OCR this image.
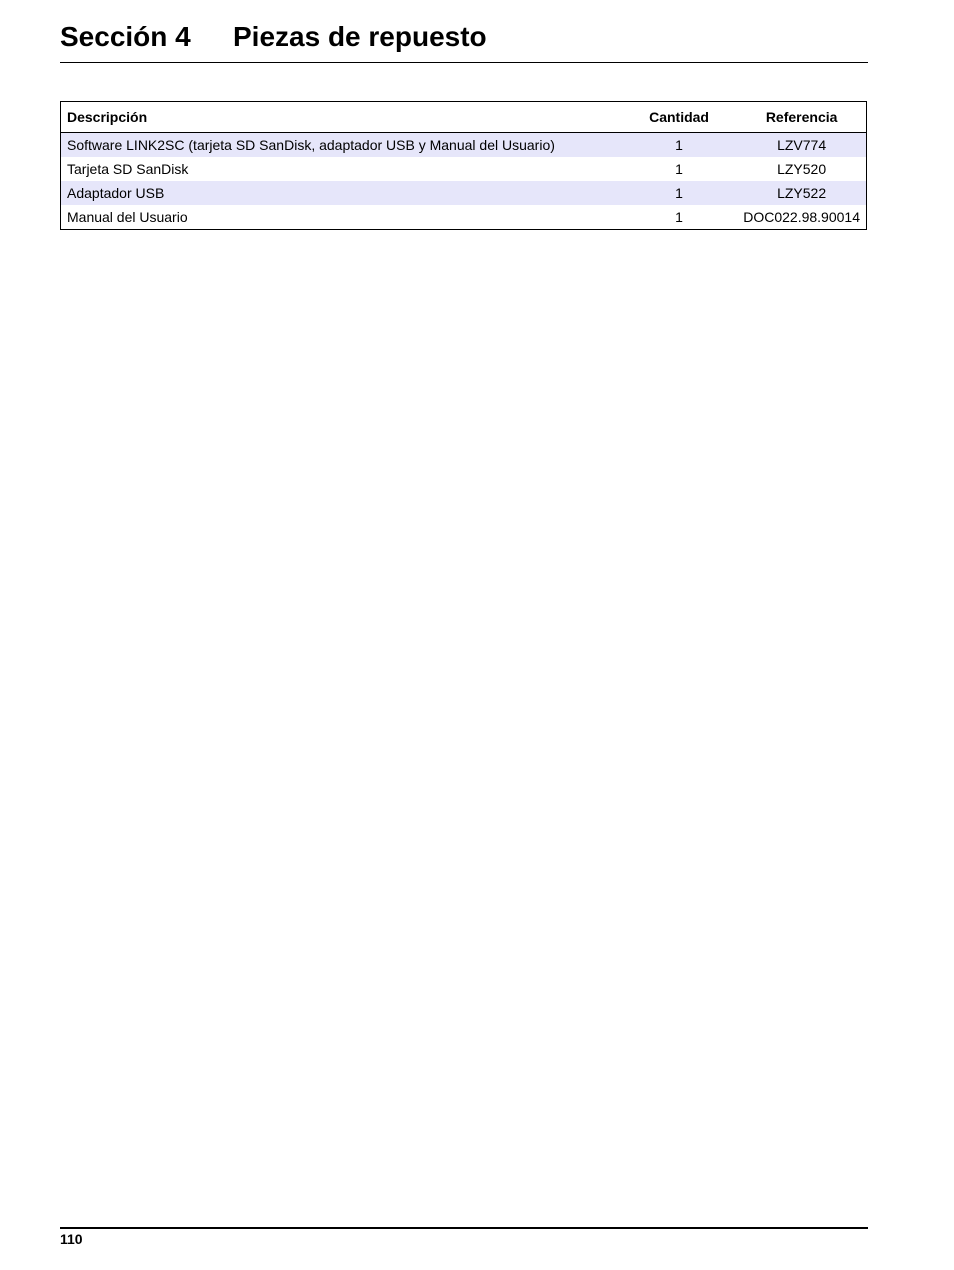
Sección 4 Piezas de repuesto
Descripción	Cantidad	Referencia
Software LINK2SC (tarjeta SD SanDisk, adaptador USB y Manual del Usuario)	1	LZV774
Tarjeta SD SanDisk	1	LZY520
Adaptador USB	1	LZY522
Manual del Usuario	1	DOC022.98.90014
110
